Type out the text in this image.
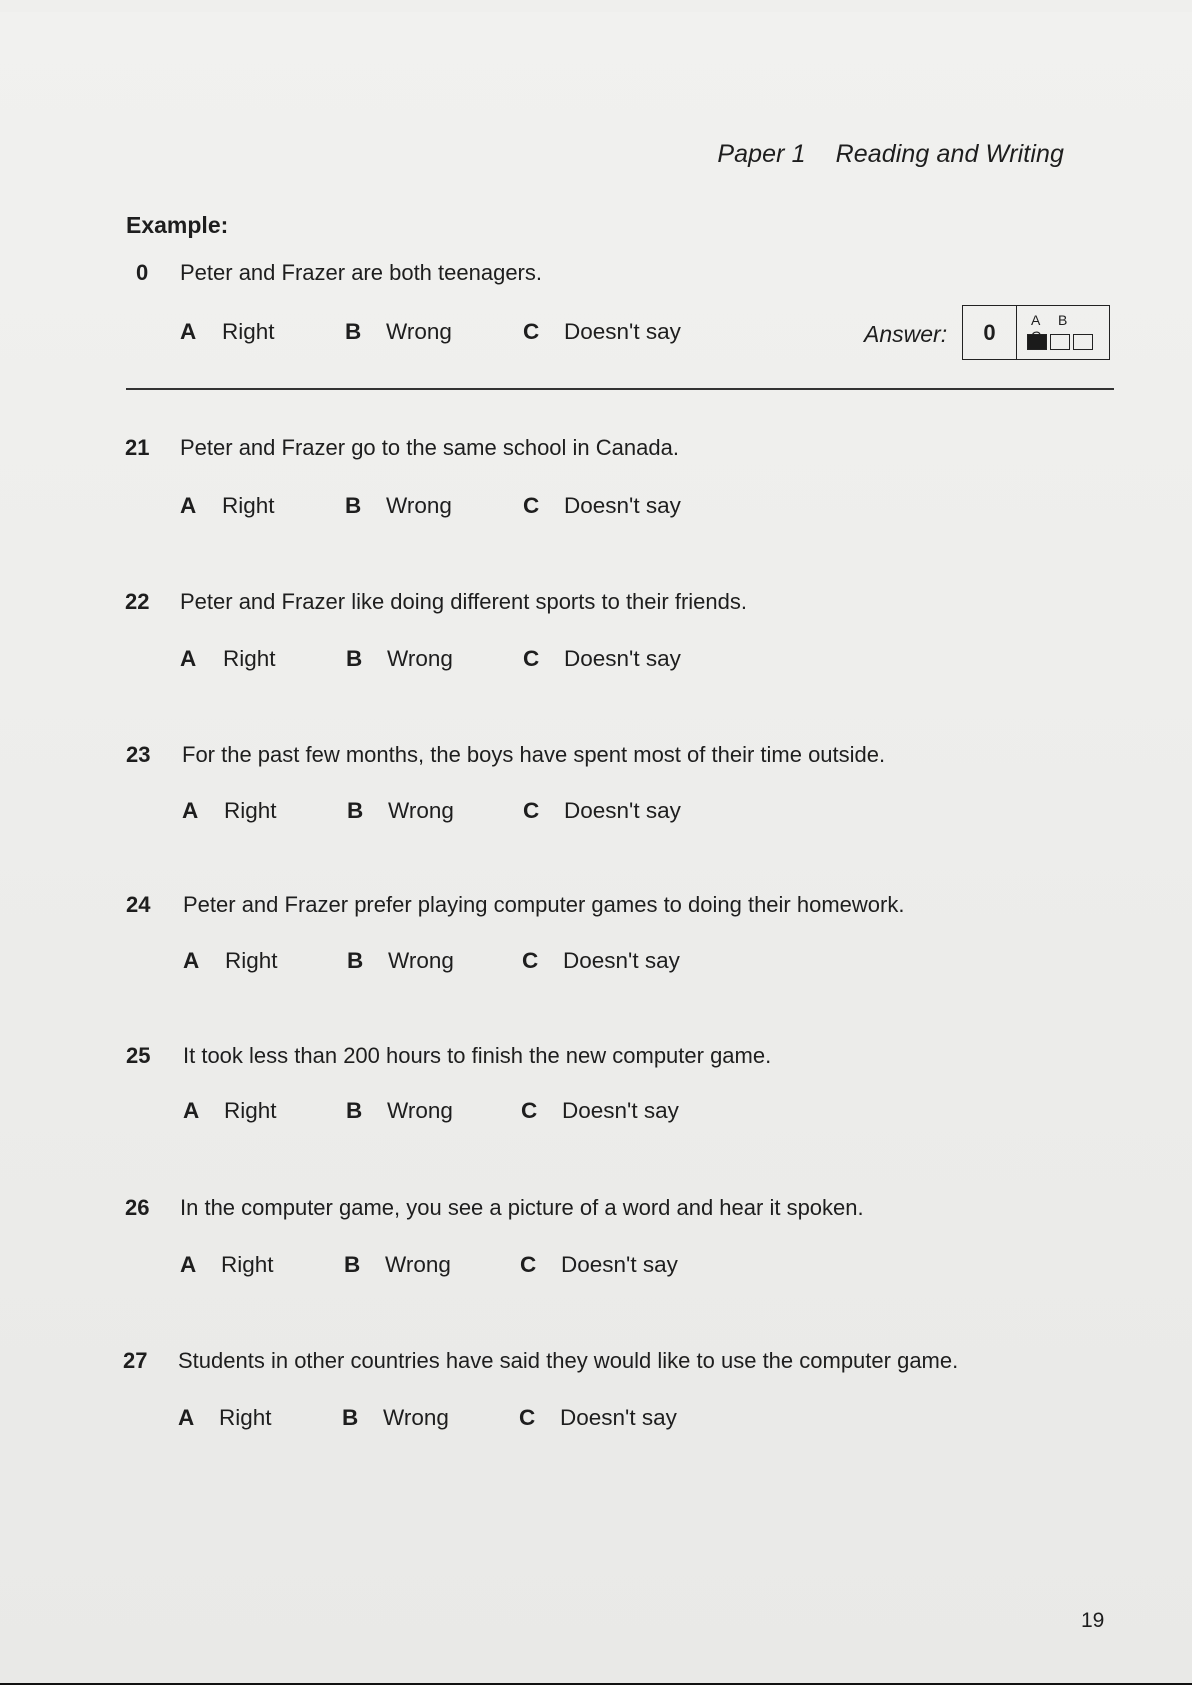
Paper 1 Reading and Writing
Example:
0 Peter and Frazer are both teenagers.
A Right	B Wrong	C Doesn't say	Answer:	0	A B
21 Peter and Frazer go to the same school in Canada.
A Right	B Wrong	C Doesn't say
22 Peter and Frazer like doing different sports to their friends.
A Right	B Wrong	C Doesn't say
23 For the past few months, the boys have spent most of their time outside.
A Right	B Wrong	C Doesn't say
24 Peter and Frazer prefer playing computer games to doing their homework.
A Right	B Wrong	C Doesn't say
25 It took less than 200 hours to finish the new computer game.
A Right	B Wrong	C Doesn't say
26 In the computer game, you see a picture of a word and hear it spoken.
A Right	B Wrong	C Doesn't say
27 Students in other countries have said they would like to use the computer game.
A Right	B Wrong	C Doesn't say
19
